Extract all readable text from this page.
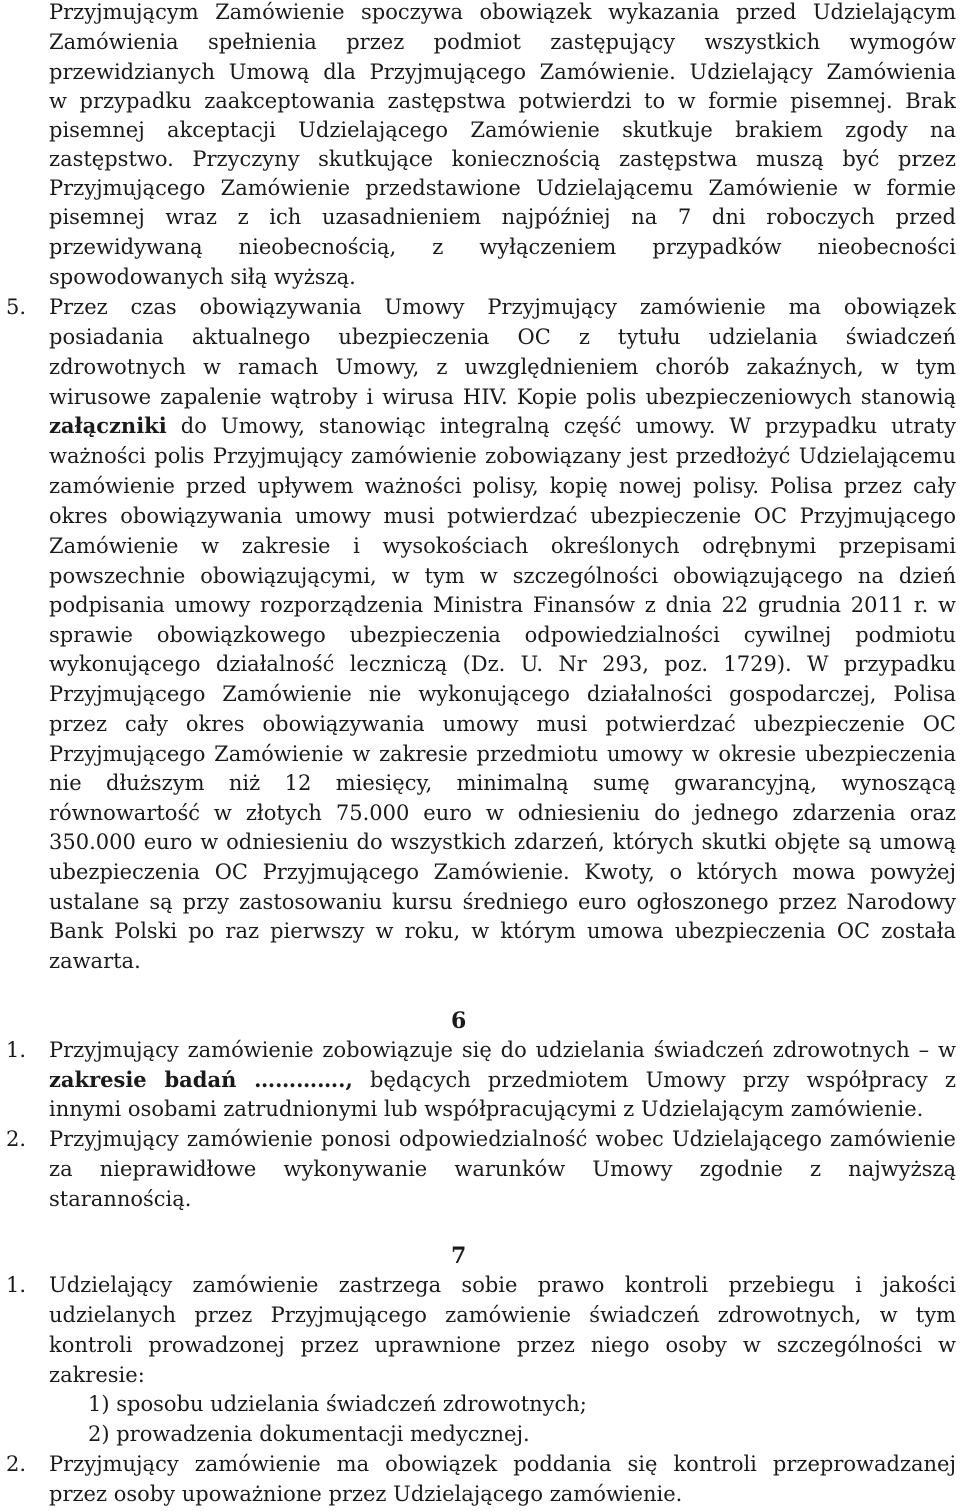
Przyjmującym Zamówienie spoczywa obowiązek wykazania przed Udzielającym
Zamówienia spełnienia przez podmiot zastępujący wszystkich wymogów
przewidzianych Umową dla Przyjmującego Zamówienie. Udzielający Zamówienia
w przypadku zaakceptowania zastępstwa potwierdzi to w formie pisemnej. Brak
pisemnej akceptacji Udzielającego Zamówienie skutkuje brakiem zgody na
zastępstwo. Przyczyny skutkujące koniecznością zastępstwa muszą być przez
Przyjmującego Zamówienie przedstawione Udzielającemu Zamówienie w formie
pisemnej wraz z ich uzasadnieniem najpóźniej na 7 dni roboczych przed
przewidywaną nieobecnością, z wyłączeniem przypadków nieobecności
spowodowanych siłą wyższą.
5.	Przez czas obowiązywania Umowy Przyjmujący zamówienie ma obowiązek
posiadania aktualnego ubezpieczenia OC z tytułu udzielania świadczeń
zdrowotnych w ramach Umowy, z uwzględnieniem chorób zakaźnych, w tym
wirusowe zapalenie wątroby i wirusa HIV. Kopie polis ubezpieczeniowych stanowią
załączniki do Umowy, stanowiąc integralną część umowy. W przypadku utraty
ważności polis Przyjmujący zamówienie zobowiązany jest przedłożyć Udzielającemu
zamówienie przed upływem ważności polisy, kopię nowej polisy. Polisa przez cały
okres obowiązywania umowy musi potwierdzać ubezpieczenie OC Przyjmującego
Zamówienie w zakresie i wysokościach określonych odrębnymi przepisami
powszechnie obowiązującymi, w tym w szczególności obowiązującego na dzień
podpisania umowy rozporządzenia Ministra Finansów z dnia 22 grudnia 2011 r. w
sprawie obowiązkowego ubezpieczenia odpowiedzialności cywilnej podmiotu
wykonującego działalność leczniczą (Dz. U. Nr 293, poz. 1729). W przypadku
Przyjmującego Zamówienie nie wykonującego działalności gospodarczej, Polisa
przez cały okres obowiązywania umowy musi potwierdzać ubezpieczenie OC
Przyjmującego Zamówienie w zakresie przedmiotu umowy w okresie ubezpieczenia
nie dłuższym niż 12 miesięcy, minimalną sumę gwarancyjną, wynoszącą
równowartość w złotych 75.000 euro w odniesieniu do jednego zdarzenia oraz
350.000 euro w odniesieniu do wszystkich zdarzeń, których skutki objęte są umową
ubezpieczenia OC Przyjmującego Zamówienie. Kwoty, o których mowa powyżej
ustalane są przy zastosowaniu kursu średniego euro ogłoszonego przez Narodowy
Bank Polski po raz pierwszy w roku, w którym umowa ubezpieczenia OC została
zawarta.
6
1.	Przyjmujący zamówienie zobowiązuje się do udzielania świadczeń zdrowotnych – w
zakresie badań …………., będących przedmiotem Umowy przy współpracy z
innymi osobami zatrudnionymi lub współpracującymi z Udzielającym zamówienie.
2.	Przyjmujący zamówienie ponosi odpowiedzialność wobec Udzielającego zamówienie
za nieprawidłowe wykonywanie warunków Umowy zgodnie z najwyższą
starannością.
7
1.	Udzielający zamówienie zastrzega sobie prawo kontroli przebiegu i jakości
udzielanych przez Przyjmującego zamówienie świadczeń zdrowotnych, w tym
kontroli prowadzonej przez uprawnione przez niego osoby w szczególności w
zakresie:
1) sposobu udzielania świadczeń zdrowotnych;
2) prowadzenia dokumentacji medycznej.
2.	Przyjmujący zamówienie ma obowiązek poddania się kontroli przeprowadzanej
przez osoby upoważnione przez Udzielającego zamówienie.
